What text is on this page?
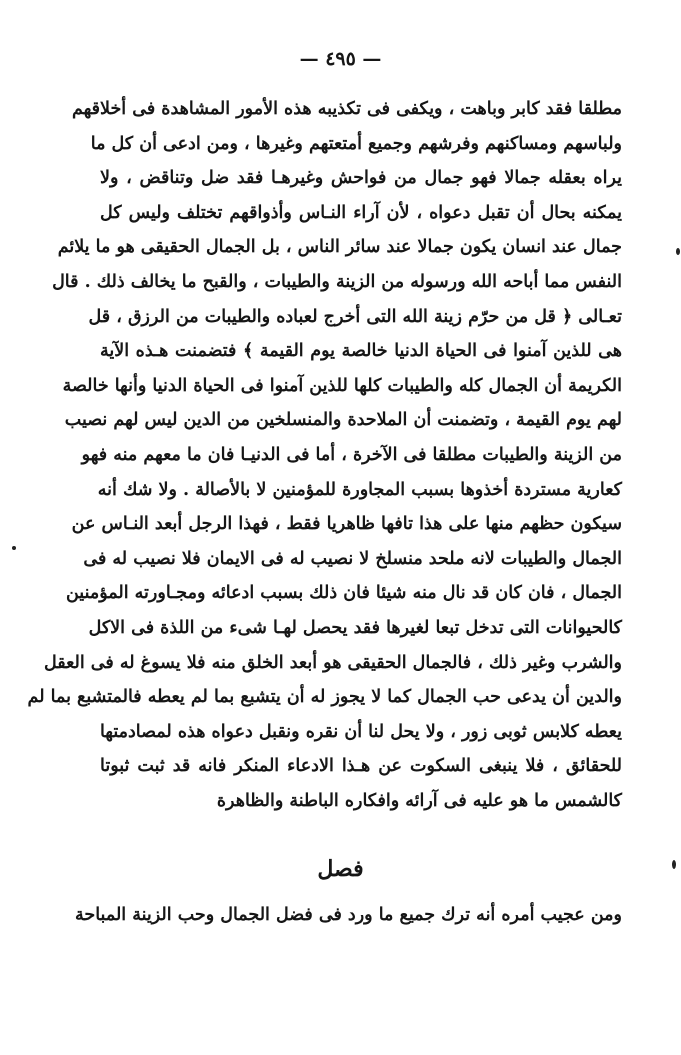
— ٤٩٥ —
مطلقا فقد كابر وباهت ، ويكفى فى تكذيبه هذه الأمور المشاهدة فى أخلاقهم
ولباسهم ومساكنهم وفرشهم وجميع أمتعتهم وغيرها ، ومن ادعى أن كل ما
يراه بعقله جمالا فهو جمال من فواحش وغيرهـا فقد ضل وتناقض ، ولا
يمكنه بحال أن تقبل دعواه ، لأن آراء النـاس وأذواقهم تختلف وليس كل
جمال عند انسان يكون جمالا عند سائر الناس ، بل الجمال الحقيقى هو ما يلائم
النفس مما أباحه الله ورسوله من الزينة والطيبات ، والقبح ما يخالف ذلك . قال
تعـالى ﴿ قل من حرّم زينة الله التى أخرج لعباده والطيبات من الرزق ، قل
هى للذين آمنوا فى الحياة الدنيا خالصة يوم القيمة ﴾ فتضمنت هـذه الآية
الكريمة أن الجمال كله والطيبات كلها للذين آمنوا فى الحياة الدنيا وأنها خالصة
لهم يوم القيمة ، وتضمنت أن الملاحدة والمنسلخين من الدين ليس لهم نصيب
من الزينة والطيبات مطلقا فى الآخرة ، أما فى الدنيـا فان ما معهم منه فهو
كعارية مستردة أخذوها بسبب المجاورة للمؤمنين لا بالأصالة . ولا شك أنه
سيكون حظهم منها على هذا تافها ظاهريا فقط ، فهذا الرجل أبعد النـاس عن
الجمال والطيبات لانه ملحد منسلخ لا نصيب له فى الايمان فلا نصيب له فى
الجمال ، فان كان قد نال منه شيئا فان ذلك بسبب ادعائه ومجـاورته المؤمنين
كالحيوانات التى تدخل تبعا لغيرها فقد يحصل لهـا شىء من اللذة فى الاكل
والشرب وغير ذلك ، فالجمال الحقيقى هو أبعد الخلق منه فلا يسوغ له فى العقل
والدين أن يدعى حب الجمال كما لا يجوز له أن يتشبع بما لم يعطه فالمتشبع بما لم
يعطه كلابس ثوبى زور ، ولا يحل لنا أن نقره ونقبل دعواه هذه لمصادمتها
للحقائق ، فلا ينبغى السكوت عن هـذا الادعاء المنكر فانه قد ثبت ثبوتا
كالشمس ما هو عليه فى آرائه وافكاره الباطنة والظاهرة
فصل
ومن عجيب أمره أنه ترك جميع ما ورد فى فضل الجمال وحب الزينة المباحة
